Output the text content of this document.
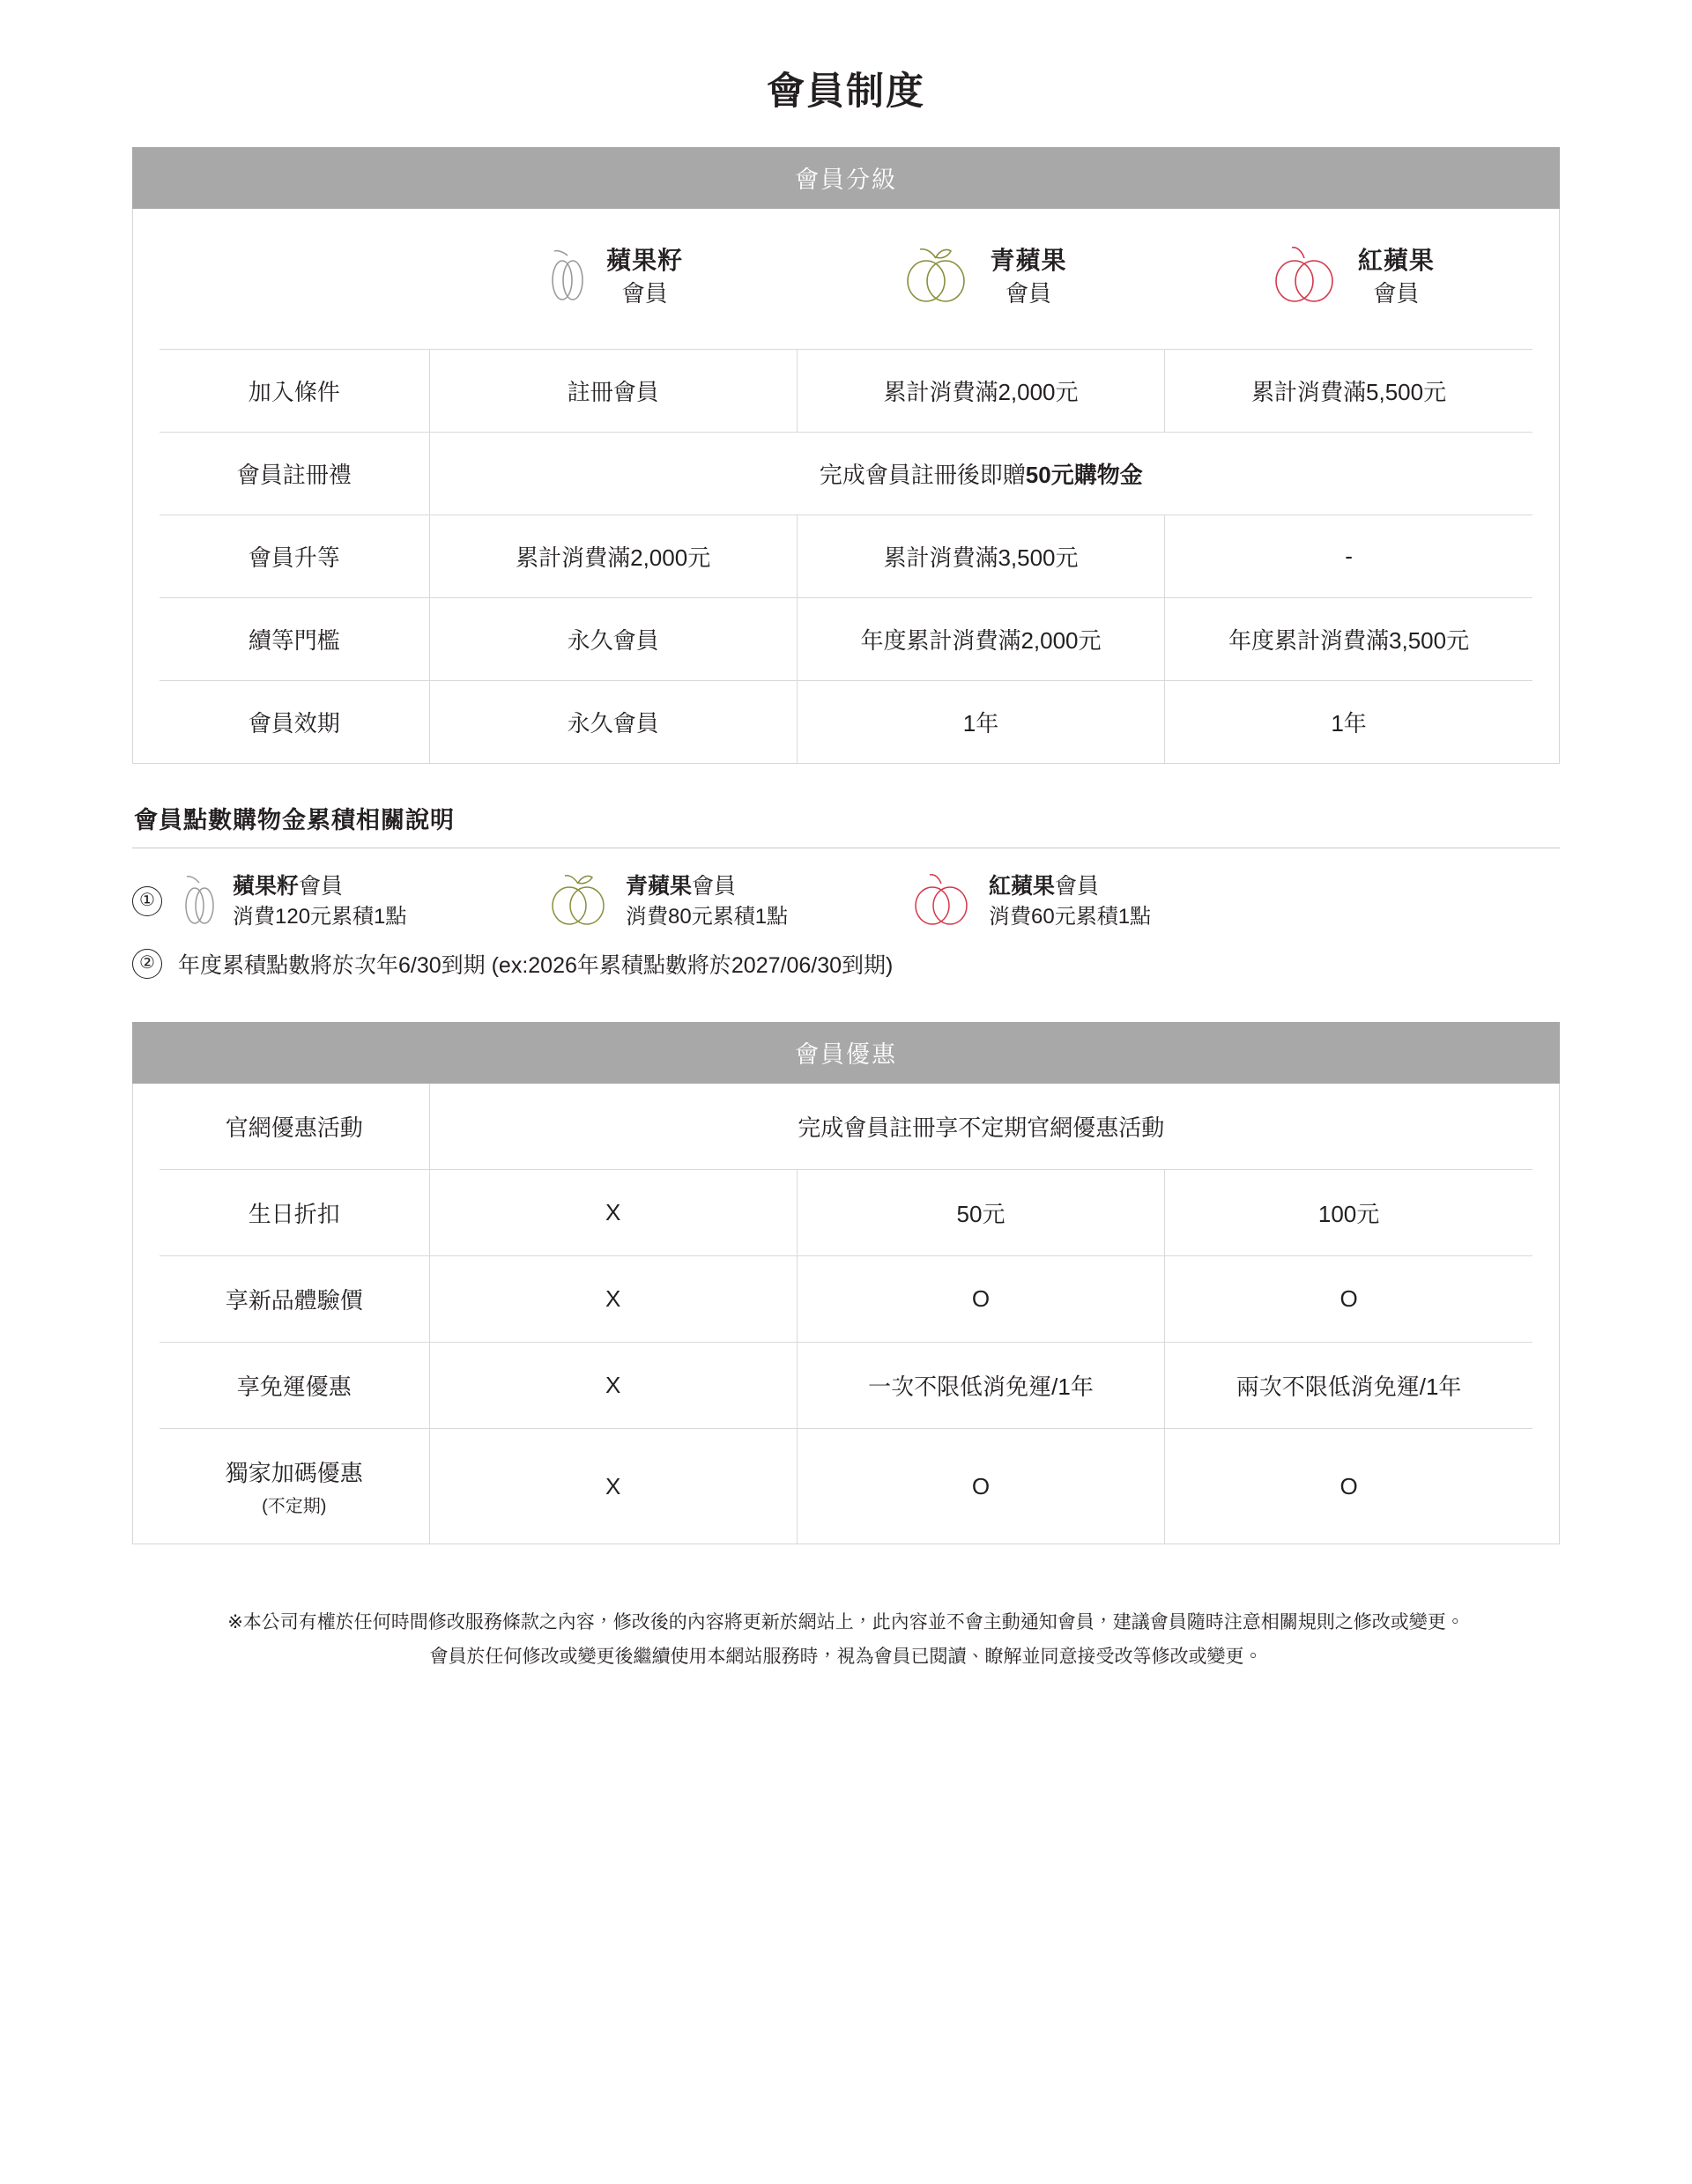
會員制度
會員分級

	蘋果籽
會員	青蘋果
會員	紅蘋果
會員

加入條件	註冊會員	累計消費滿2,000元	累計消費滿5,500元
會員註冊禮	完成會員註冊後即贈50元購物金		
會員升等	累計消費滿2,000元	累計消費滿3,500元	-
續等門檻	永久會員	年度累計消費滿2,000元	年度累計消費滿3,500元
會員效期	永久會員	1年	1年
會員點數購物金累積相關說明
①
蘋果籽會員
消費120元累積1點
青蘋果會員
消費80元累積1點
紅蘋果會員
消費60元累積1點
②	年度累積點數將於次年6/30到期 (ex:2026年累積點數將於2027/06/30到期)
會員優惠
官網優惠活動	完成會員註冊享不定期官網優惠活動		
生日折扣	X	50元	100元
享新品體驗價	X	O	O
享免運優惠	X	一次不限低消免運/1年	兩次不限低消免運/1年
獨家加碼優惠
(不定期)	X	O	O
※本公司有權於任何時間修改服務條款之內容，修改後的內容將更新於網站上，此內容並不會主動通知會員，建議會員隨時注意相關規則之修改或變更。
會員於任何修改或變更後繼續使用本網站服務時，視為會員已閱讀、瞭解並同意接受改等修改或變更。
